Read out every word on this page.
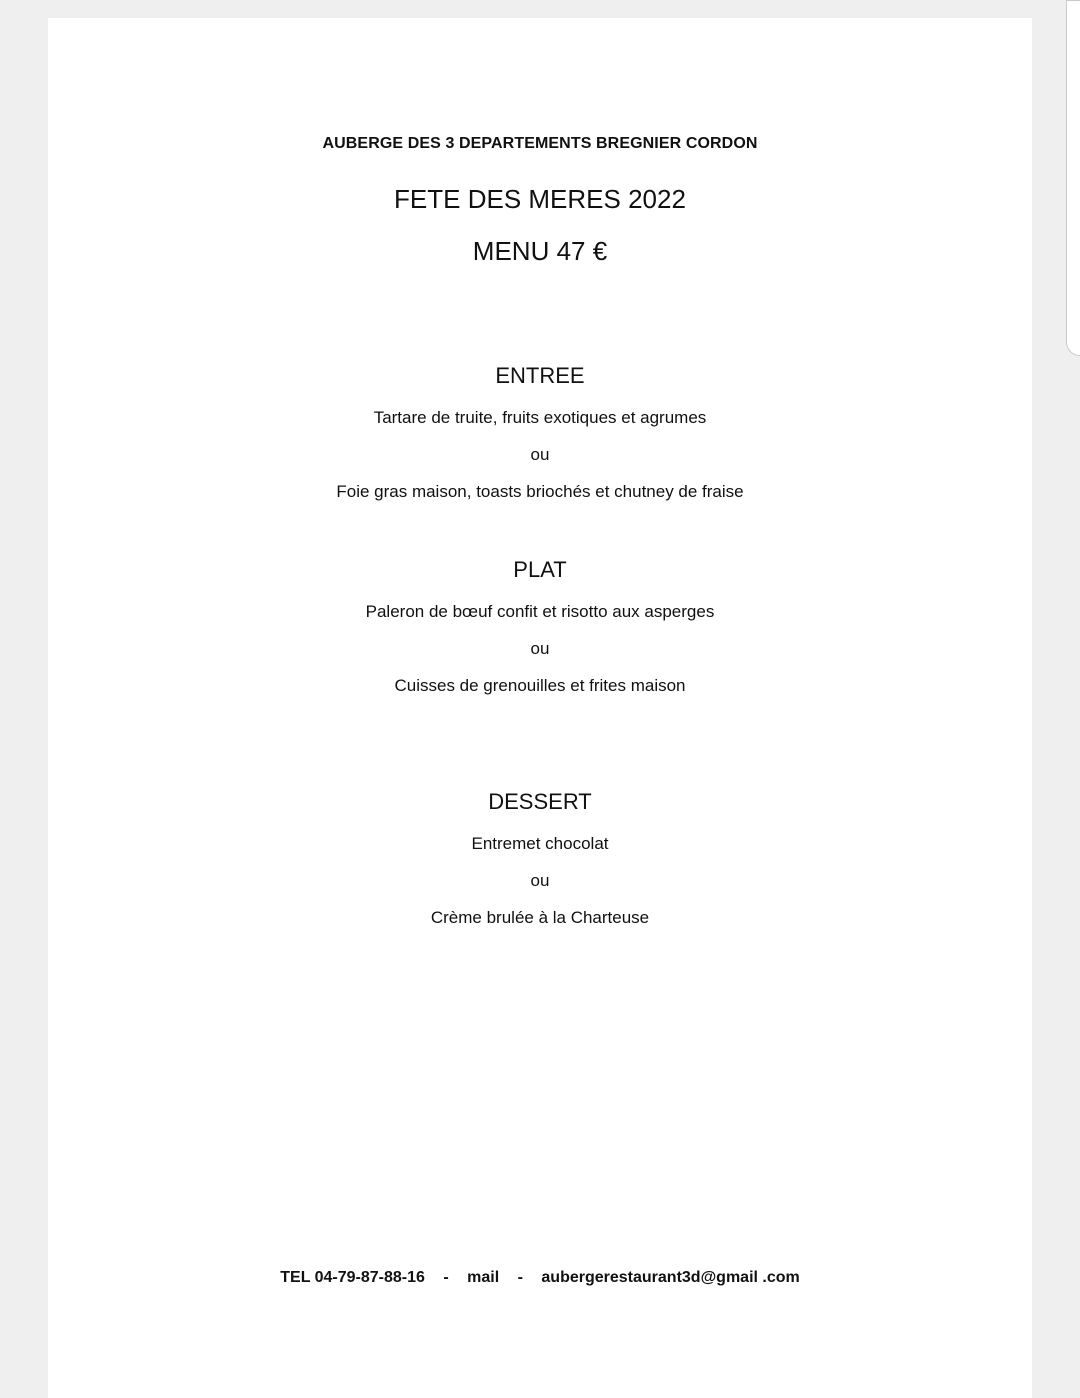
AUBERGE DES 3 DEPARTEMENTS BREGNIER CORDON
FETE DES MERES 2022
MENU 47 €
ENTREE
Tartare de truite, fruits exotiques et agrumes
ou
Foie gras maison, toasts briochés et chutney de fraise
PLAT
Paleron de bœuf confit et risotto aux asperges
ou
Cuisses de grenouilles et frites maison
DESSERT
Entremet chocolat
ou
Crème brulée à la Charteuse
TEL 04-79-87-88-16 - mail - aubergerestaurant3d@gmail .com
